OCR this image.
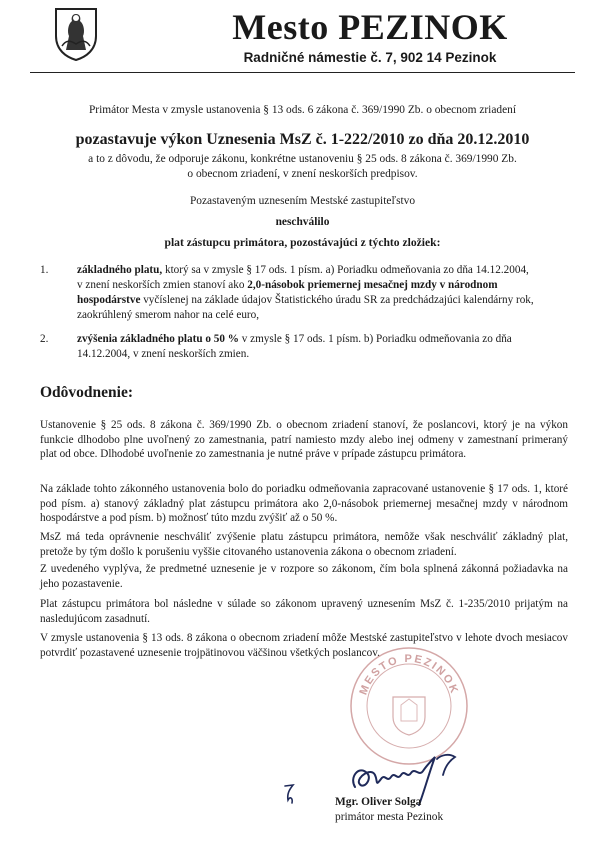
Mesto PEZINOK
Radničné námestie č. 7, 902 14 Pezinok
Primátor Mesta v zmysle ustanovenia § 13 ods. 6 zákona č. 369/1990 Zb. o obecnom zriadení
pozastavuje výkon Uznesenia MsZ č. 1-222/2010 zo dňa 20.12.2010
a to z dôvodu, že odporuje zákonu, konkrétne ustanoveniu § 25 ods. 8 zákona č. 369/1990 Zb.
o obecnom zriadení, v znení neskorších predpisov.
Pozastaveným uznesením Mestské zastupiteľstvo
neschválilo
plat zástupcu primátora, pozostávajúci z týchto zložiek:
1.	základného platu, ktorý sa v zmysle § 17 ods. 1 písm. a) Poriadku odmeňovania zo dňa 14.12.2004,
v znení neskorších zmien stanoví ako 2,0-násobok priemernej mesačnej mzdy v národnom
hospodárstve vyčíslenej na základe údajov Štatistického úradu SR za predchádzajúci kalendárny rok,
zaokrúhlený smerom nahor na celé euro,
2.	zvýšenia základného platu o 50 % v zmysle § 17 ods. 1 písm. b) Poriadku odmeňovania zo dňa
14.12.2004, v znení neskorších zmien.
Odôvodnenie:
Ustanovenie § 25 ods. 8 zákona č. 369/1990 Zb. o obecnom zriadení stanoví, že poslancovi, ktorý je na výkon funkcie dlhodobo plne uvoľnený zo zamestnania, patrí namiesto mzdy alebo inej odmeny v zamestnaní primeraný plat od obce. Dlhodobé uvoľnenie zo zamestnania je nutné práve v prípade zástupcu primátora.
Na základe tohto zákonného ustanovenia bolo do poriadku odmeňovania zapracované ustanovenie § 17 ods. 1, ktoré pod písm. a) stanový základný plat zástupcu primátora ako 2,0-násobok priemernej mesačnej mzdy v národnom hospodárstve a pod písm. b) možnosť túto mzdu zvýšiť až o 50 %.
MsZ má teda oprávnenie neschváliť zvýšenie platu zástupcu primátora, nemôže však neschváliť základný plat, pretože by tým došlo k porušeniu vyššie citovaného ustanovenia zákona o obecnom zriadení.
Z uvedeného vyplýva, že predmetné uznesenie je v rozpore so zákonom, čím bola splnená zákonná požiadavka na jeho pozastavenie.
Plat zástupcu primátora bol následne v súlade so zákonom upravený uznesením MsZ č. 1-235/2010 prijatým na nasledujúcom zasadnutí.
V zmysle ustanovenia § 13 ods. 8 zákona o obecnom zriadení môže Mestské zastupiteľstvo v lehote dvoch mesiacov potvrdiť pozastavené uznesenie trojpätinovou väčšinou všetkých poslancov.
MESTO PEZINOK
Mgr. Oliver Solga
primátor mesta Pezinok
